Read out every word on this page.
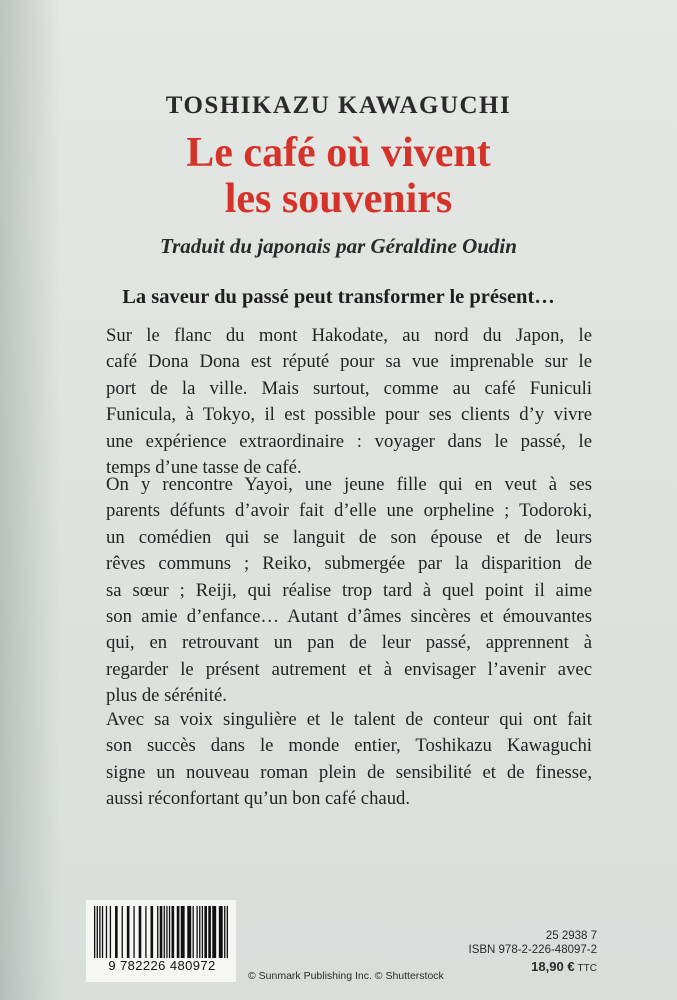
TOSHIKAZU KAWAGUCHI
Le café où vivent
les souvenirs
Traduit du japonais par Géraldine Oudin
La saveur du passé peut transformer le présent…

Sur le flanc du mont Hakodate, au nord du Japon, le
café Dona Dona est réputé pour sa vue imprenable sur le
port de la ville. Mais surtout, comme au café Funiculi
Funicula, à Tokyo, il est possible pour ses clients d’y vivre
une expérience extraordinaire : voyager dans le passé, le
temps d’une tasse de café.

On y rencontre Yayoi, une jeune fille qui en veut à ses
parents défunts d’avoir fait d’elle une orpheline ; Todoroki,
un comédien qui se languit de son épouse et de leurs
rêves communs ; Reiko, submergée par la disparition de
sa sœur ; Reiji, qui réalise trop tard à quel point il aime
son amie d’enfance… Autant d’âmes sincères et émouvantes
qui, en retrouvant un pan de leur passé, apprennent à
regarder le présent autrement et à envisager l’avenir avec
plus de sérénité.

Avec sa voix singulière et le talent de conteur qui ont fait
son succès dans le monde entier, Toshikazu Kawaguchi
signe un nouveau roman plein de sensibilité et de finesse,
aussi réconfortant qu’un bon café chaud.

9 782226 480972
© Sunmark Publishing Inc. © Shutterstock
25 2938 7
ISBN 978-2-226-48097-2
18,90 € TTC
